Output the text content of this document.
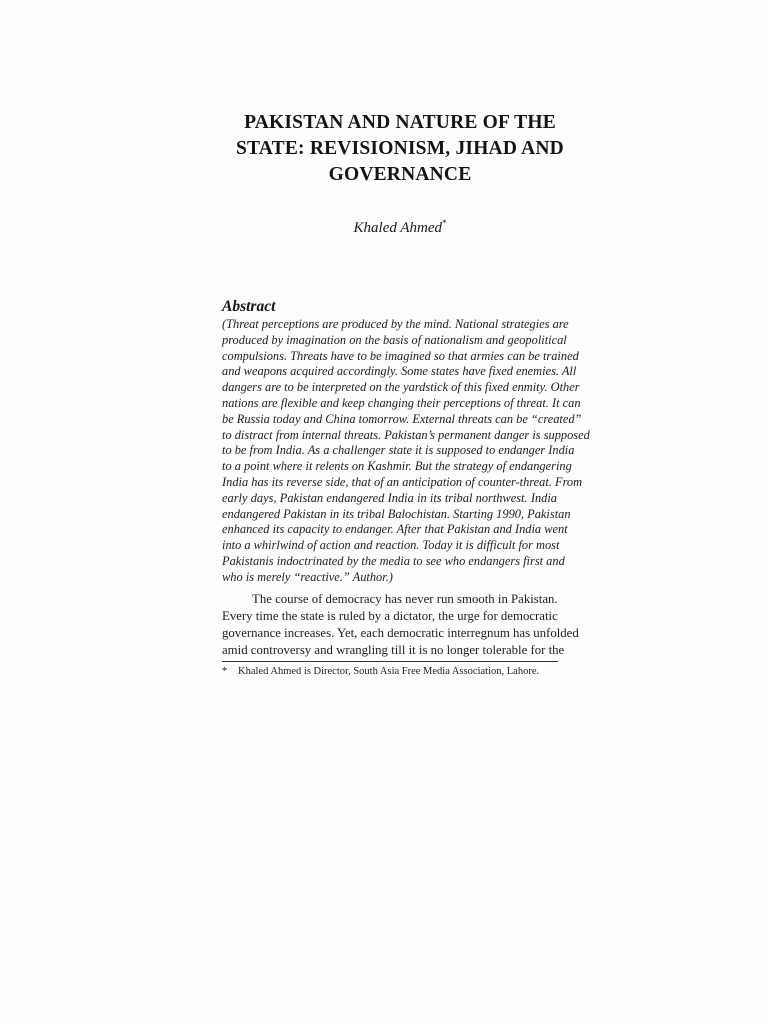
PAKISTAN AND NATURE OF THE
STATE: REVISIONISM, JIHAD AND
GOVERNANCE
Khaled Ahmed*
Abstract
(Threat perceptions are produced by the mind. National strategies are
produced by imagination on the basis of nationalism and geopolitical
compulsions. Threats have to be imagined so that armies can be trained
and weapons acquired accordingly. Some states have fixed enemies. All
dangers are to be interpreted on the yardstick of this fixed enmity. Other
nations are flexible and keep changing their perceptions of threat. It can
be Russia today and China tomorrow. External threats can be “created”
to distract from internal threats. Pakistan’s permanent danger is supposed
to be from India. As a challenger state it is supposed to endanger India
to a point where it relents on Kashmir. But the strategy of endangering
India has its reverse side, that of an anticipation of counter-threat. From
early days, Pakistan endangered India in its tribal northwest. India
endangered Pakistan in its tribal Balochistan. Starting 1990, Pakistan
enhanced its capacity to endanger. After that Pakistan and India went
into a whirlwind of action and reaction. Today it is difficult for most
Pakistanis indoctrinated by the media to see who endangers first and
who is merely “reactive.” Author.)
The course of democracy has never run smooth in Pakistan.
Every time the state is ruled by a dictator, the urge for democratic
governance increases. Yet, each democratic interregnum has unfolded
amid controversy and wrangling till it is no longer tolerable for the
* Khaled Ahmed is Director, South Asia Free Media Association, Lahore.
